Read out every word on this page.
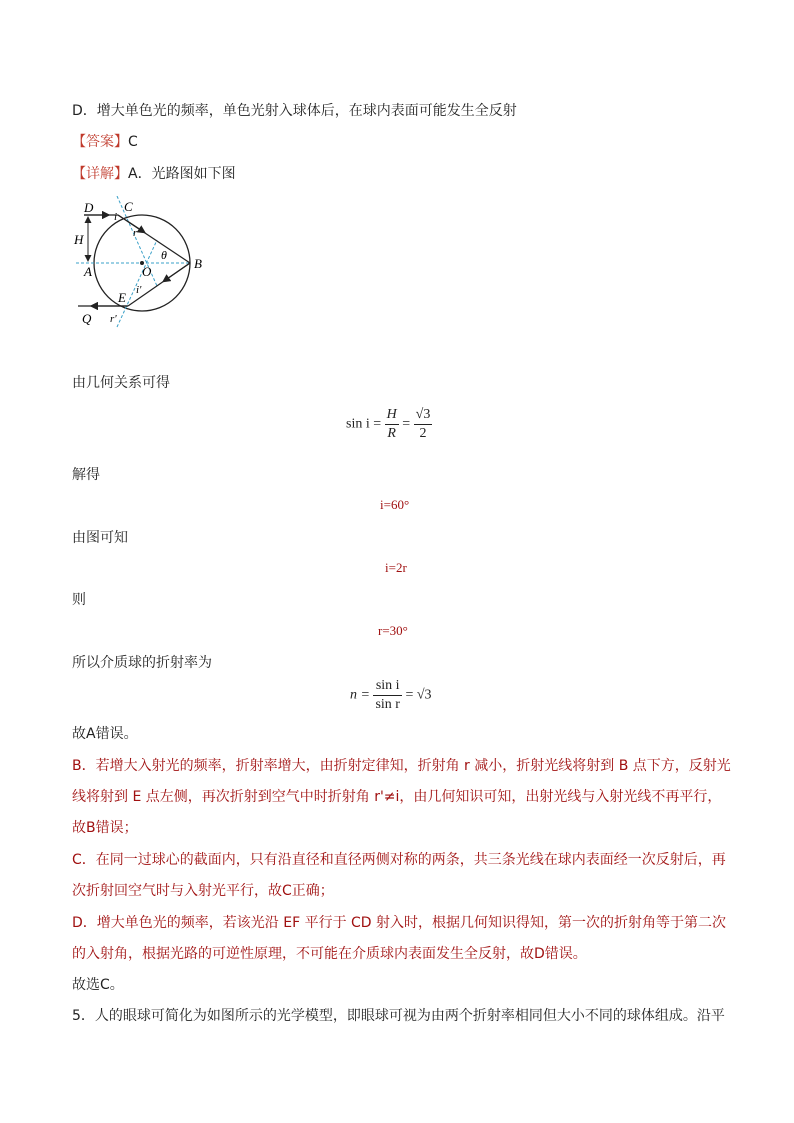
D．增大单色光的频率，单色光射入球体后，在球内表面可能发生全反射
【答案】C
【详解】A．光路图如下图
D
i
C
H	r
A	O
θ
B
E i'
Q r'
由几何关系可得
$\sin i = \frac{H}{R} = \frac{√3}{2}$
解得
i=60°
由图可知
i=2r
则
r=30°
所以介质球的折射率为
$n = \frac{\text{sin i}}{\text{sin r}} = √3$
故A错误。
B．若增大入射光的频率，折射率增大，由折射定律知，折射角 r 减小，折射光线将射到 B 点下方，反射光
线将射到 E 点左侧，再次折射到空气中时折射角 r'≠i，由几何知识可知，出射光线与入射光线不再平行，
故B错误；
C．在同一过球心的截面内，只有沿直径和直径两侧对称的两条，共三条光线在球内表面经一次反射后，再
次折射回空气时与入射光平行，故C正确；
D．增大单色光的频率，若该光沿 EF 平行于 CD 射入时，根据几何知识得知，第一次的折射角等于第二次
的入射角，根据光路的可逆性原理，不可能在介质球内表面发生全反射，故D错误。
故选C。
5．人的眼球可简化为如图所示的光学模型，即眼球可视为由两个折射率相同但大小不同的球体组成。沿平
